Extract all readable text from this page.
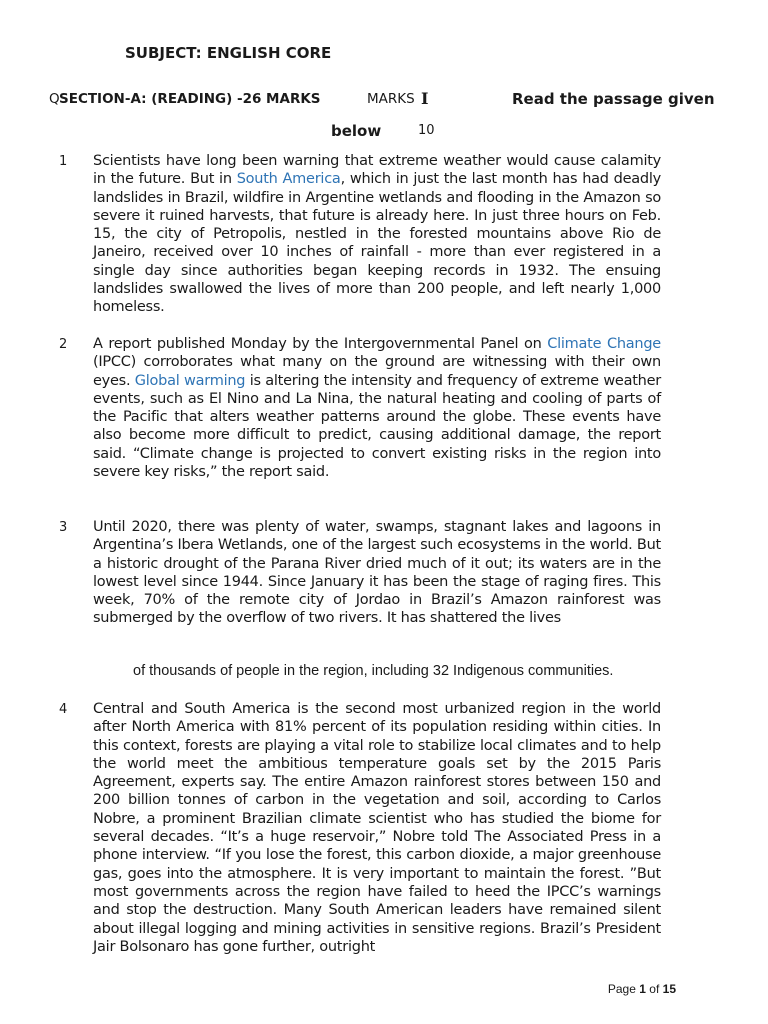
SUBJECT: ENGLISH CORE
Q SECTION-A: (READING) -26 MARKS	MARKS I	Read the passage given
below	10
1 Scientists have long been warning that extreme weather would cause calamity in the future. But in South America, which in just the last month has had deadly landslides in Brazil, wildfire in Argentine wetlands and flooding in the Amazon so severe it ruined harvests, that future is already here. In just three hours on Feb. 15, the city of Petropolis, nestled in the forested mountains above Rio de Janeiro, received over 10 inches of rainfall - more than ever registered in a single day since authorities began keeping records in 1932. The ensuing landslides swallowed the lives of more than 200 people, and left nearly 1,000 homeless.

2 A report published Monday by the Intergovernmental Panel on Climate Change (IPCC) corroborates what many on the ground are witnessing with their own eyes. Global warming is altering the intensity and frequency of extreme weather events, such as El Nino and La Nina, the natural heating and cooling of parts of the Pacific that alters weather patterns around the globe. These events have also become more difficult to predict, causing additional damage, the report said. “Climate change is projected to convert existing risks in the region into severe key risks,” the report said.

3 Until 2020, there was plenty of water, swamps, stagnant lakes and lagoons in Argentina’s Ibera Wetlands, one of the largest such ecosystems in the world. But a historic drought of the Parana River dried much of it out; its waters are in the lowest level since 1944. Since January it has been the stage of raging fires. This week, 70% of the remote city of Jordao in Brazil’s Amazon rainforest was submerged by the overflow of two rivers. It has shattered the lives

of thousands of people in the region, including 32 Indigenous communities.
4 Central and South America is the second most urbanized region in the world after North America with 81% percent of its population residing within cities. In this context, forests are playing a vital role to stabilize local climates and to help the world meet the ambitious temperature goals set by the 2015 Paris Agreement, experts say. The entire Amazon rainforest stores between 150 and 200 billion tonnes of carbon in the vegetation and soil, according to Carlos Nobre, a prominent Brazilian climate scientist who has studied the biome for several decades. “It’s a huge reservoir,” Nobre told The Associated Press in a phone interview. “If you lose the forest, this carbon dioxide, a major greenhouse gas, goes into the atmosphere. It is very important to maintain the forest. ”But most governments across the region have failed to heed the IPCC’s warnings and stop the destruction. Many South American leaders have remained silent about illegal logging and mining activities in sensitive regions. Brazil’s President Jair Bolsonaro has gone further, outright

Page 1 of 15
